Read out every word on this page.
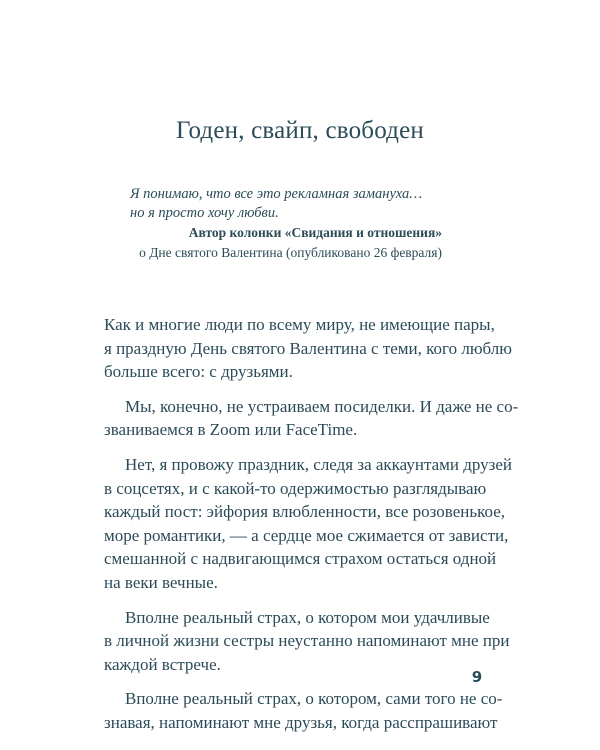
Годен, свайп, свободен

Я понимаю, что все это рекламная замануха…
но я просто хочу любви.

Автор колонки «Свидания и отношения»
о Дне святого Валентина (опубликовано 26 февраля)

Как и многие люди по всему миру, не имеющие пары,
я праздную День святого Валентина с теми, кого люблю
больше всего: с друзьями.

Мы, конечно, не устраиваем посиделки. И даже не со-
званиваемся в Zoom или FaceTime.

Нет, я провожу праздник, следя за аккаунтами друзей
в соцсетях, и с какой-то одержимостью разглядываю
каждый пост: эйфория влюбленности, все розовенькое,
море романтики, — а сердце мое сжимается от зависти,
смешанной с надвигающимся страхом остаться одной
на веки вечные.

Вполне реальный страх, о котором мои удачливые
в личной жизни сестры неустанно напоминают мне при
каждой встрече.

Вполне реальный страх, о котором, сами того не со-
знавая, напоминают мне друзья, когда расспрашивают

9
